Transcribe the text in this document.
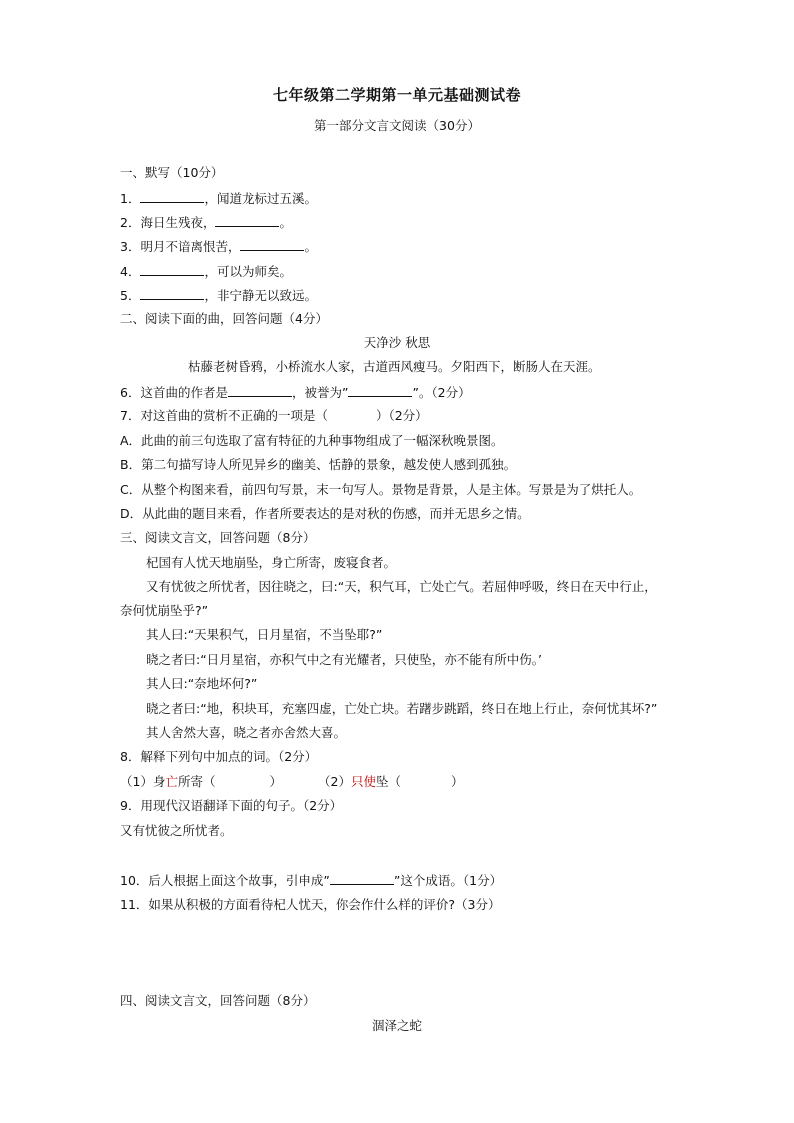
七年级第二学期第一单元基础测试卷
第一部分文言文阅读（30分）
一、默写（10分）
1．	，闻道龙标过五溪。
2．海日生残夜，	。
3．明月不谙离恨苦，	。
4．	，可以为师矣。
5．	，非宁静无以致远。
二、阅读下面的曲，回答问题（4分）
天净沙 秋思
枯藤老树昏鸦，小桥流水人家，古道西风瘦马。夕阳西下，断肠人在天涯。
6．这首曲的作者是	，被誉为”	”。（2分）
7．对这首曲的赏析不正确的一项是（	）（2分）
A．此曲的前三句选取了富有特征的九种事物组成了一幅深秋晚景图。
B．第二句描写诗人所见异乡的幽美、恬静的景象，越发使人感到孤独。
C．从整个构图来看，前四句写景，末一句写人。景物是背景，人是主体。写景是为了烘托人。
D．从此曲的题目来看，作者所要表达的是对秋的伤感，而并无思乡之情。
三、阅读文言文，回答问题（8分）
杞国有人忧天地崩坠，身亡所寄，废寝食者。
又有忧彼之所忧者，因往晓之，曰:“天，积气耳，亡处亡气。若屈伸呼吸，终日在天中行止，
奈何忧崩坠乎?”
其人曰:“天果积气，日月星宿，不当坠耶?”
晓之者曰:“日月星宿，亦积气中之有光耀者，只使坠，亦不能有所中伤。’
其人曰:“奈地坏何?”
晓之者曰:“地，积块耳，充塞四虚，亡处亡块。若躇步跳蹈，终日在地上行止，奈何忧其坏?”
其人舍然大喜，晓之者亦舍然大喜。
8．解释下列句中加点的词。（2分）
（1）身亡所寄（	）	（2）只使坠（	）
9．用现代汉语翻译下面的句子。（2分）
又有忧彼之所忧者。
10．后人根据上面这个故事，引申成”	”这个成语。（1分）
11．如果从积极的方面看待杞人忧天，你会作什么样的评价?（3分）
四、阅读文言文，回答问题（8分）
涸泽之蛇
